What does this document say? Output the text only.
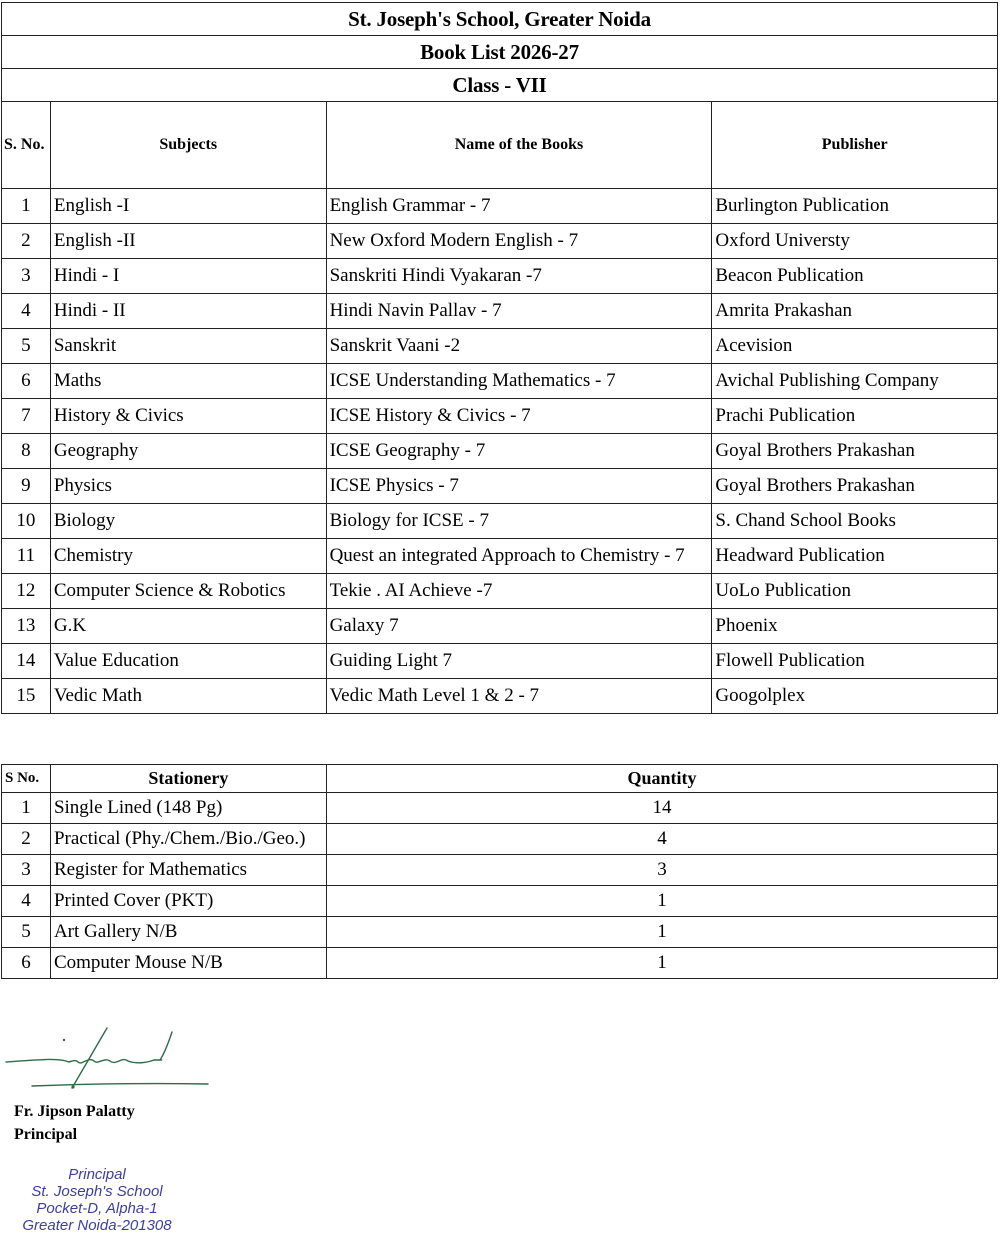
St. Joseph's School, Greater Noida			
Book List 2026-27			
Class - VII			
S. No.	Subjects	Name of the Books	Publisher
1	English -I	English Grammar - 7	Burlington Publication
2	English -II	New Oxford Modern English - 7	Oxford Universty
3	Hindi - I	Sanskriti Hindi Vyakaran -7	Beacon Publication
4	Hindi - II	Hindi Navin Pallav - 7	Amrita Prakashan
5	Sanskrit	Sanskrit Vaani -2	Acevision
6	Maths	ICSE Understanding Mathematics - 7	Avichal Publishing Company
7	History & Civics	ICSE History & Civics - 7	Prachi Publication
8	Geography	ICSE Geography - 7	Goyal Brothers Prakashan
9	Physics	ICSE Physics - 7	Goyal Brothers Prakashan
10	Biology	Biology for ICSE - 7	S. Chand School Books
11	Chemistry	Quest an integrated Approach to Chemistry - 7	Headward Publication
12	Computer Science & Robotics	Tekie . AI Achieve -7	UoLo Publication
13	G.K	Galaxy 7	Phoenix
14	Value Education	Guiding Light 7	Flowell Publication
15	Vedic Math	Vedic Math Level 1 & 2 - 7	Googolplex
S No.	Stationery	Quantity
1	Single Lined (148 Pg)	14
2	Practical (Phy./Chem./Bio./Geo.)	4
3	Register for Mathematics	3
4	Printed Cover (PKT)	1
5	Art Gallery N/B	1
6	Computer Mouse N/B	1
Fr. Jipson Palatty
Principal
Principal
St. Joseph's School
Pocket-D, Alpha-1
Greater Noida-201308
